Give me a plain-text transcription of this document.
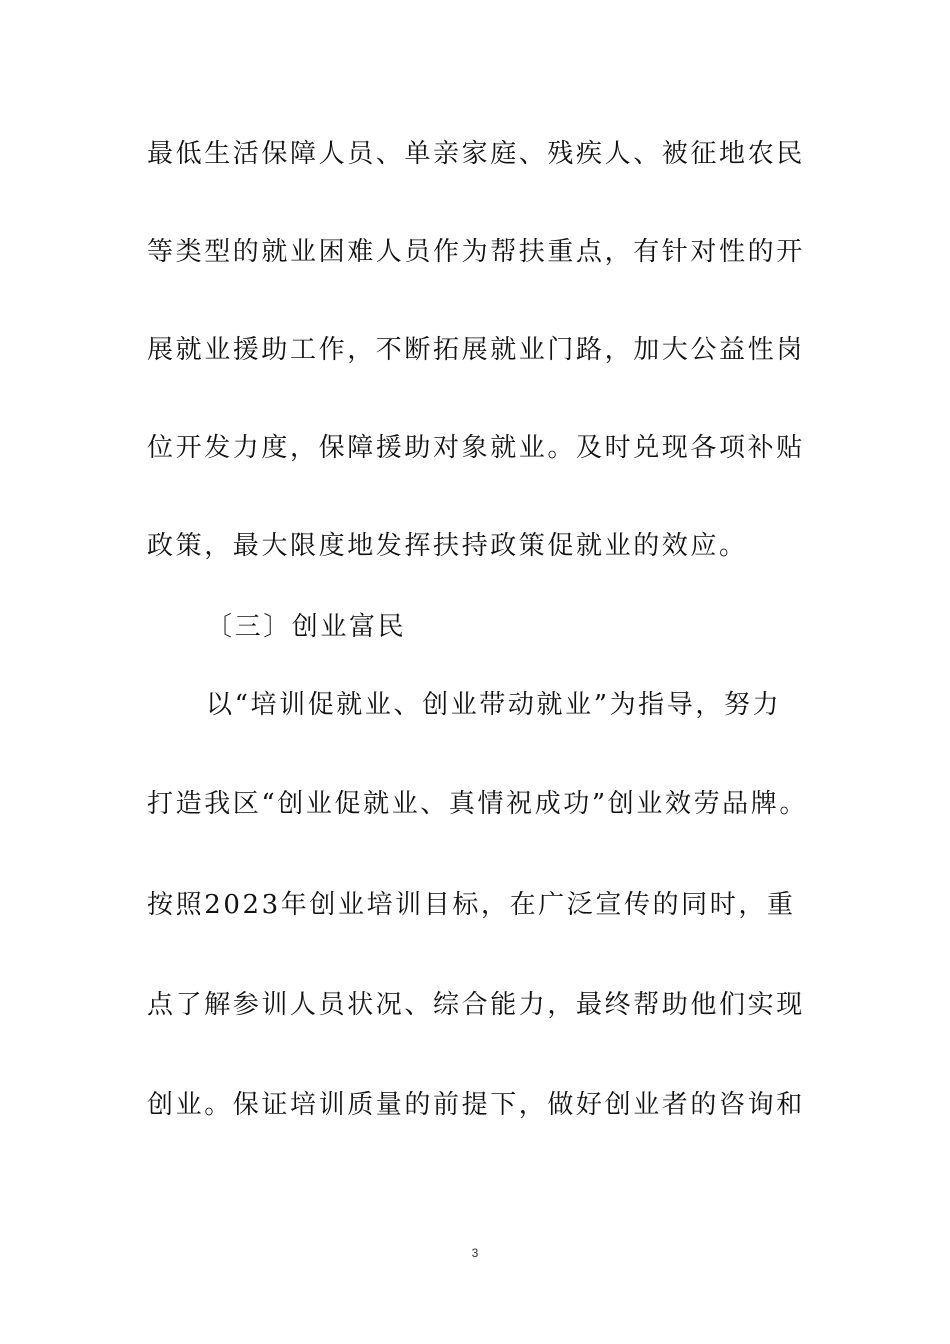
最低生活保障人员、单亲家庭、残疾人、被征地农民
等类型的就业困难人员作为帮扶重点，有针对性的开
展就业援助工作，不断拓展就业门路，加大公益性岗
位开发力度，保障援助对象就业。及时兑现各项补贴
政策，最大限度地发挥扶持政策促就业的效应。
〔三〕创业富民
以“培训促就业、创业带动就业”为指导，努力
打造我区“创业促就业、真情祝成功”创业效劳品牌。
按照2023年创业培训目标，在广泛宣传的同时，重
点了解参训人员状况、综合能力，最终帮助他们实现
创业。保证培训质量的前提下，做好创业者的咨询和
3
